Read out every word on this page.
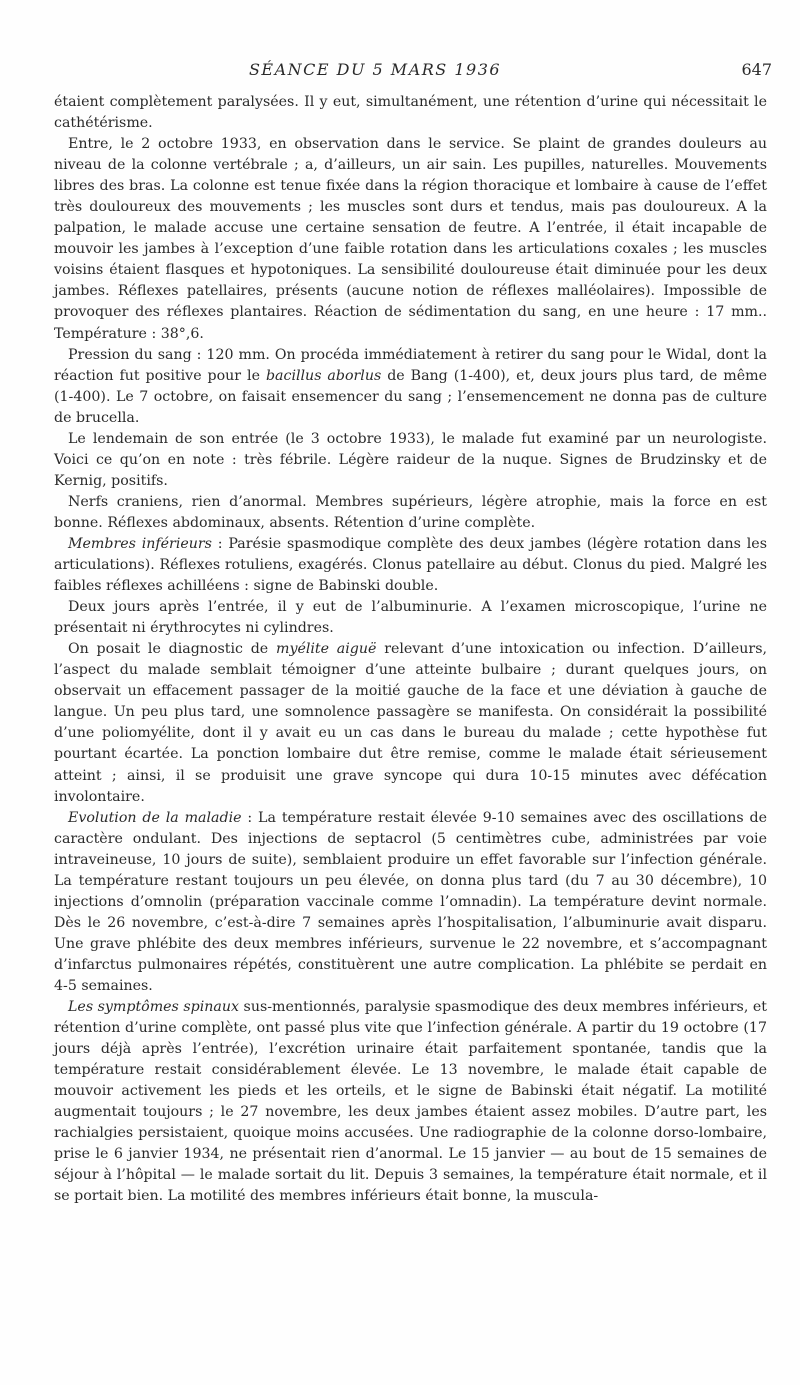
SÉANCE DU 5 MARS 1936	647

étaient complètement paralysées. Il y eut, simultanément, une rétention d’urine qui nécessitait le cathétérisme.

Entre, le 2 octobre 1933, en observation dans le service. Se plaint de grandes douleurs au niveau de la colonne vertébrale ; a, d’ailleurs, un air sain. Les pupilles, naturelles. Mouvements libres des bras. La colonne est tenue fixée dans la région thoracique et lombaire à cause de l’effet très douloureux des mouvements ; les muscles sont durs et tendus, mais pas douloureux. A la palpation, le malade accuse une certaine sensation de feutre. A l’entrée, il était incapable de mouvoir les jambes à l’exception d’une faible rotation dans les articulations coxales ; les muscles voisins étaient flasques et hypotoniques. La sensibilité douloureuse était diminuée pour les deux jambes. Réflexes patellaires, présents (aucune notion de réflexes malléolaires). Impossible de provoquer des réflexes plantaires. Réaction de sédimentation du sang, en une heure : 17 mm.. Température : 38°,6.

Pression du sang : 120 mm. On procéda immédiatement à retirer du sang pour le Widal, dont la réaction fut positive pour le bacillus aborlus de Bang (1-400), et, deux jours plus tard, de même (1-400). Le 7 octobre, on faisait ensemencer du sang ; l’ensemencement ne donna pas de culture de brucella.

Le lendemain de son entrée (le 3 octobre 1933), le malade fut examiné par un neurologiste. Voici ce qu’on en note : très fébrile. Légère raideur de la nuque. Signes de Brudzinsky et de Kernig, positifs.

Nerfs craniens, rien d’anormal. Membres supérieurs, légère atrophie, mais la force en est bonne. Réflexes abdominaux, absents. Rétention d’urine complète.

Membres inférieurs : Parésie spasmodique complète des deux jambes (légère rotation dans les articulations). Réflexes rotuliens, exagérés. Clonus patellaire au début. Clonus du pied. Malgré les faibles réflexes achilléens : signe de Babinski double.

Deux jours après l’entrée, il y eut de l’albuminurie. A l’examen microscopique, l’urine ne présentait ni érythrocytes ni cylindres.

On posait le diagnostic de myélite aiguë relevant d’une intoxication ou infection. D’ailleurs, l’aspect du malade semblait témoigner d’une atteinte bulbaire ; durant quelques jours, on observait un effacement passager de la moitié gauche de la face et une déviation à gauche de langue. Un peu plus tard, une somnolence passagère se manifesta. On considérait la possibilité d’une poliomyélite, dont il y avait eu un cas dans le bureau du malade ; cette hypothèse fut pourtant écartée. La ponction lombaire dut être remise, comme le malade était sérieusement atteint ; ainsi, il se produisit une grave syncope qui dura 10-15 minutes avec défécation involontaire.

Evolution de la maladie : La température restait élevée 9-10 semaines avec des oscillations de caractère ondulant. Des injections de septacrol (5 centimètres cube, administrées par voie intraveineuse, 10 jours de suite), semblaient produire un effet favorable sur l’infection générale. La température restant toujours un peu élevée, on donna plus tard (du 7 au 30 décembre), 10 injections d’omnolin (préparation vaccinale comme l’omnadin). La température devint normale. Dès le 26 novembre, c’est-à-dire 7 semaines après l’hospitalisation, l’albuminurie avait disparu. Une grave phlébite des deux membres inférieurs, survenue le 22 novembre, et s’accompagnant d’infarctus pulmonaires répétés, constituèrent une autre complication. La phlébite se perdait en 4-5 semaines.

Les symptômes spinaux sus-mentionnés, paralysie spasmodique des deux membres inférieurs, et rétention d’urine complète, ont passé plus vite que l’infection générale. A partir du 19 octobre (17 jours déjà après l’entrée), l’excrétion urinaire était parfaitement spontanée, tandis que la température restait considérablement élevée. Le 13 novembre, le malade était capable de mouvoir activement les pieds et les orteils, et le signe de Babinski était négatif. La motilité augmentait toujours ; le 27 novembre, les deux jambes étaient assez mobiles. D’autre part, les rachialgies persistaient, quoique moins accusées. Une radiographie de la colonne dorso-lombaire, prise le 6 janvier 1934, ne présentait rien d’anormal. Le 15 janvier — au bout de 15 semaines de séjour à l’hôpital — le malade sortait du lit. Depuis 3 semaines, la température était normale, et il se portait bien. La motilité des membres inférieurs était bonne, la muscula-
